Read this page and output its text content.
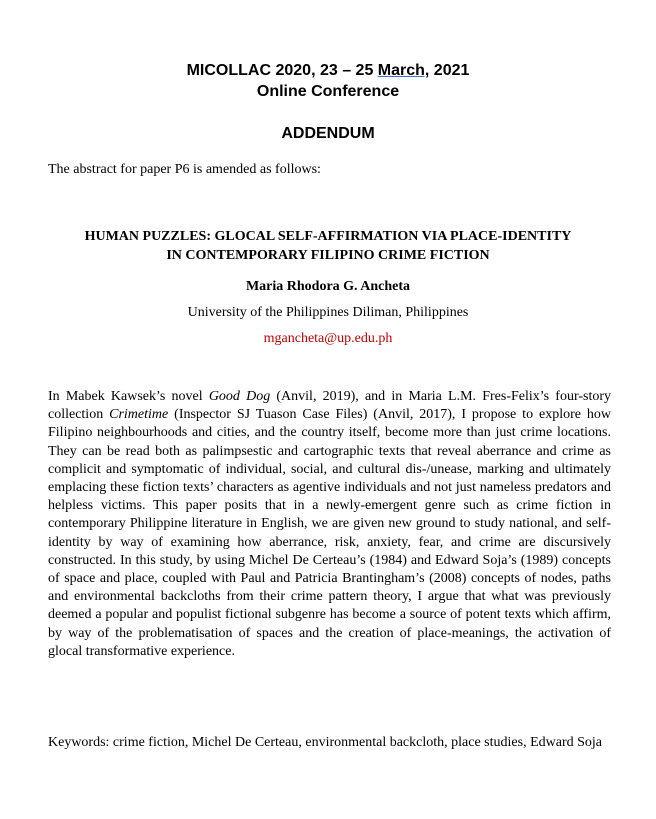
MICOLLAC 2020, 23 – 25 March, 2021
Online Conference
ADDENDUM
The abstract for paper P6 is amended as follows:
HUMAN PUZZLES: GLOCAL SELF-AFFIRMATION VIA PLACE-IDENTITY
IN CONTEMPORARY FILIPINO CRIME FICTION
Maria Rhodora G. Ancheta
University of the Philippines Diliman, Philippines
mgancheta@up.edu.ph
In Mabek Kawsek’s novel Good Dog (Anvil, 2019), and in Maria L.M. Fres-Felix’s four-story collection Crimetime (Inspector SJ Tuason Case Files) (Anvil, 2017), I propose to explore how Filipino neighbourhoods and cities, and the country itself, become more than just crime locations. They can be read both as palimpsestic and cartographic texts that reveal aberrance and crime as complicit and symptomatic of individual, social, and cultural dis-/unease, marking and ultimately emplacing these fiction texts’ characters as agentive individuals and not just nameless predators and helpless victims. This paper posits that in a newly-emergent genre such as crime fiction in contemporary Philippine literature in English, we are given new ground to study national, and self-identity by way of examining how aberrance, risk, anxiety, fear, and crime are discursively constructed. In this study, by using Michel De Certeau’s (1984) and Edward Soja’s (1989) concepts of space and place, coupled with Paul and Patricia Brantingham’s (2008) concepts of nodes, paths and environmental backcloths from their crime pattern theory, I argue that what was previously deemed a popular and populist fictional subgenre has become a source of potent texts which affirm, by way of the problematisation of spaces and the creation of place-meanings, the activation of glocal transformative experience.
Keywords: crime fiction, Michel De Certeau, environmental backcloth, place studies, Edward Soja
